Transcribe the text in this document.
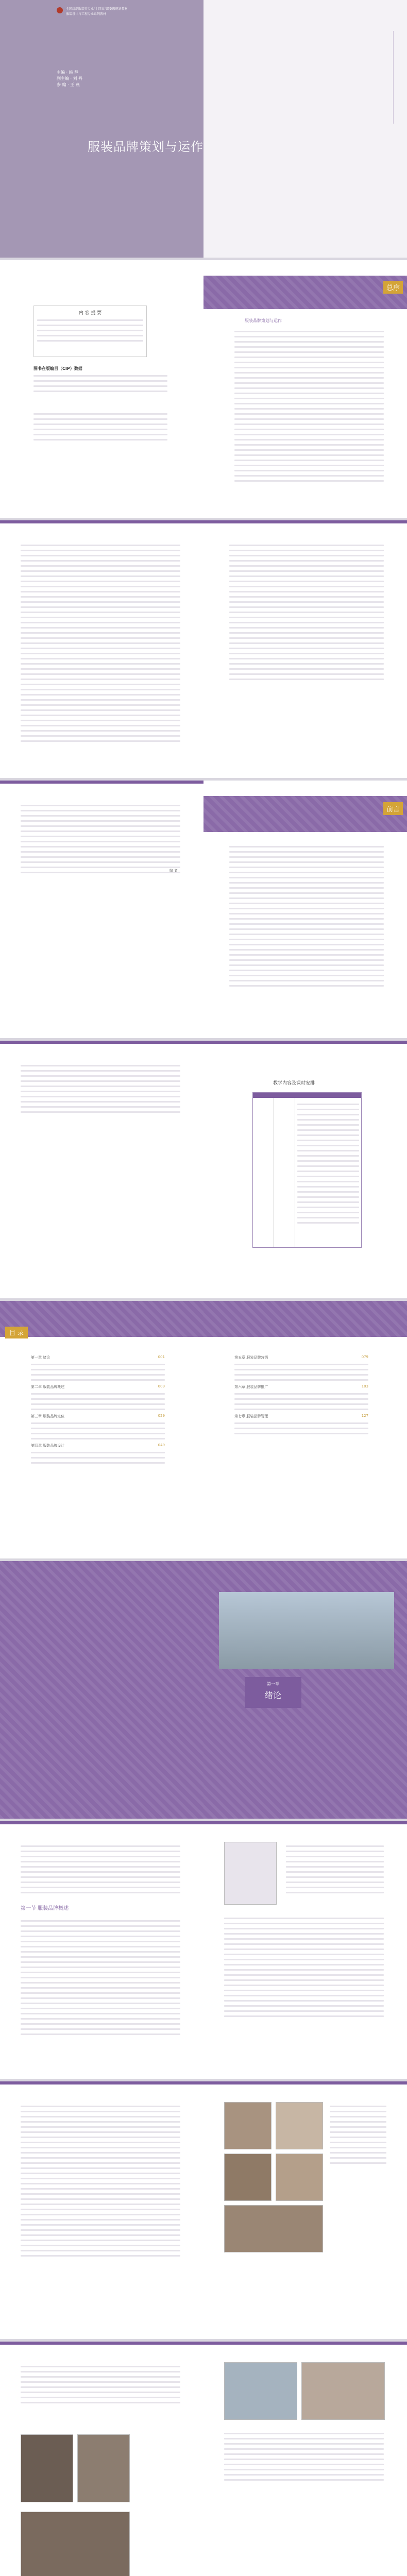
全国纺织服装类专业"十四五"部委级规划教材
服装设计与工程专业系列教材
主编 · 韩 静
副主编 · 刘 丹
参 编 · 王 燕
服装品牌策划与运作
内 容 提 要
图书在版编目（CIP）数据
总序
服装品牌策划与运作
编 者
前言
教学内容及课时安排
目 录
第一章 绪论	001
第二章 服装品牌概述	009
第三章 服装品牌定位	029
第四章 服装品牌设计	049
第五章 服装品牌营销	079
第六章 服装品牌推广	103
第七章 服装品牌管理	127
第一章
绪论
第一节 服装品牌概述
